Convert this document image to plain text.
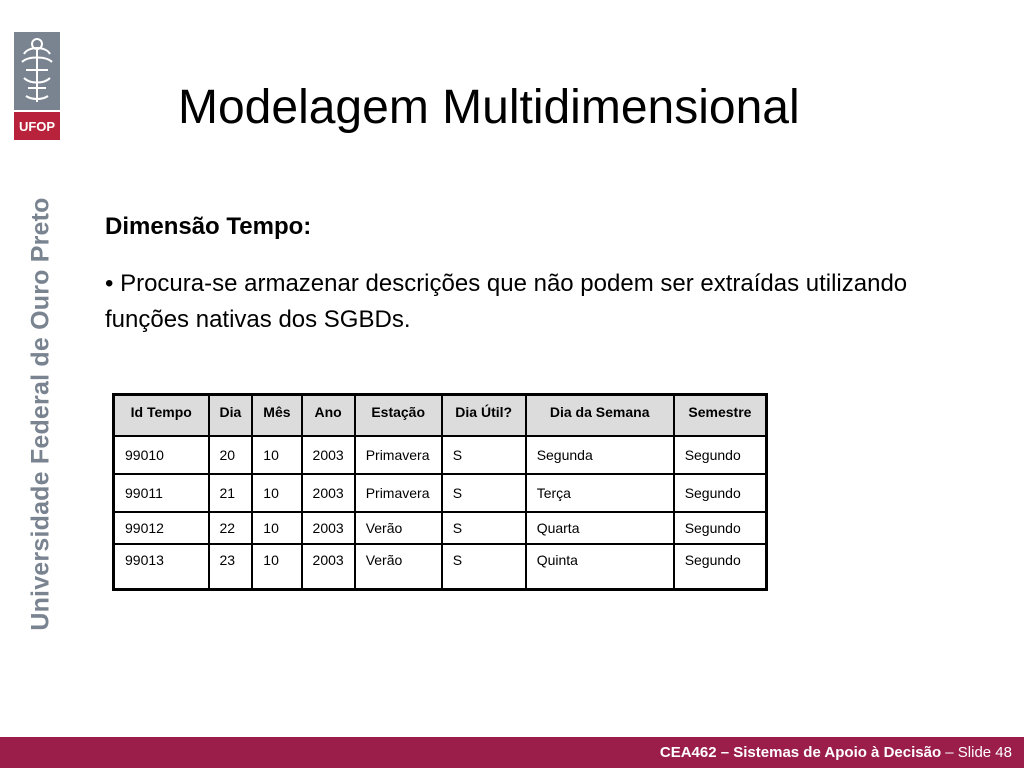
UFOP
Universidade Federal de Ouro Preto
Modelagem Multidimensional
Dimensão Tempo:
• Procura-se armazenar descrições que não podem ser extraídas utilizando funções nativas dos SGBDs.
Id Tempo	Dia	Mês	Ano	Estação	Dia Útil?	Dia da Semana	Semestre
99010	20	10	2003	Primavera	S	Segunda	Segundo
99011	21	10	2003	Primavera	S	Terça	Segundo
99012	22	10	2003	Verão	S	Quarta	Segundo
99013	23	10	2003	Verão	S	Quinta	Segundo
CEA462 – Sistemas de Apoio à Decisão – Slide 48
